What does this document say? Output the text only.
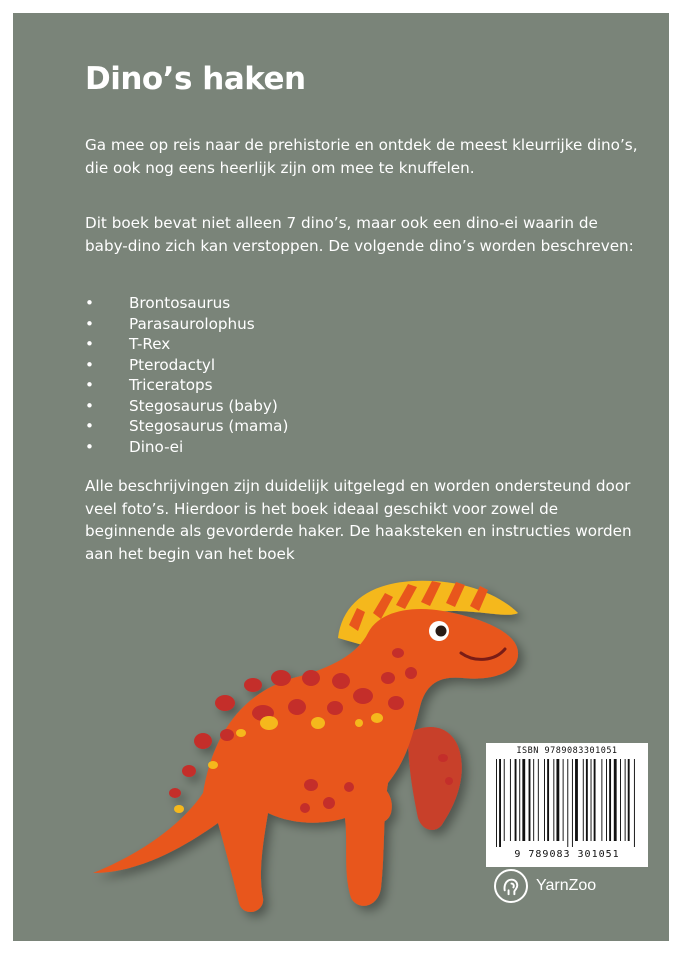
Dino’s haken

Ga mee op reis naar de prehistorie en ontdek de meest kleurrijke dino’s, die ook nog eens heerlijk zijn om mee te knuffelen.

Dit boek bevat niet alleen 7 dino’s, maar ook een dino-ei waarin de baby-dino zich kan verstoppen. De volgende dino’s worden beschreven:

• Brontosaurus
• Parasaurolophus
• T-Rex
• Pterodactyl
• Triceratops
• Stegosaurus (baby)
• Stegosaurus (mama)
• Dino-ei

Alle beschrijvingen zijn duidelijk uitgelegd en worden ondersteund door veel foto’s. Hierdoor is het boek ideaal geschikt voor zowel de beginnende als gevorderde haker. De haaksteken en instructies worden aan het begin van het boek

ISBN 9789083301051
9 789083 301051
YarnZoo
